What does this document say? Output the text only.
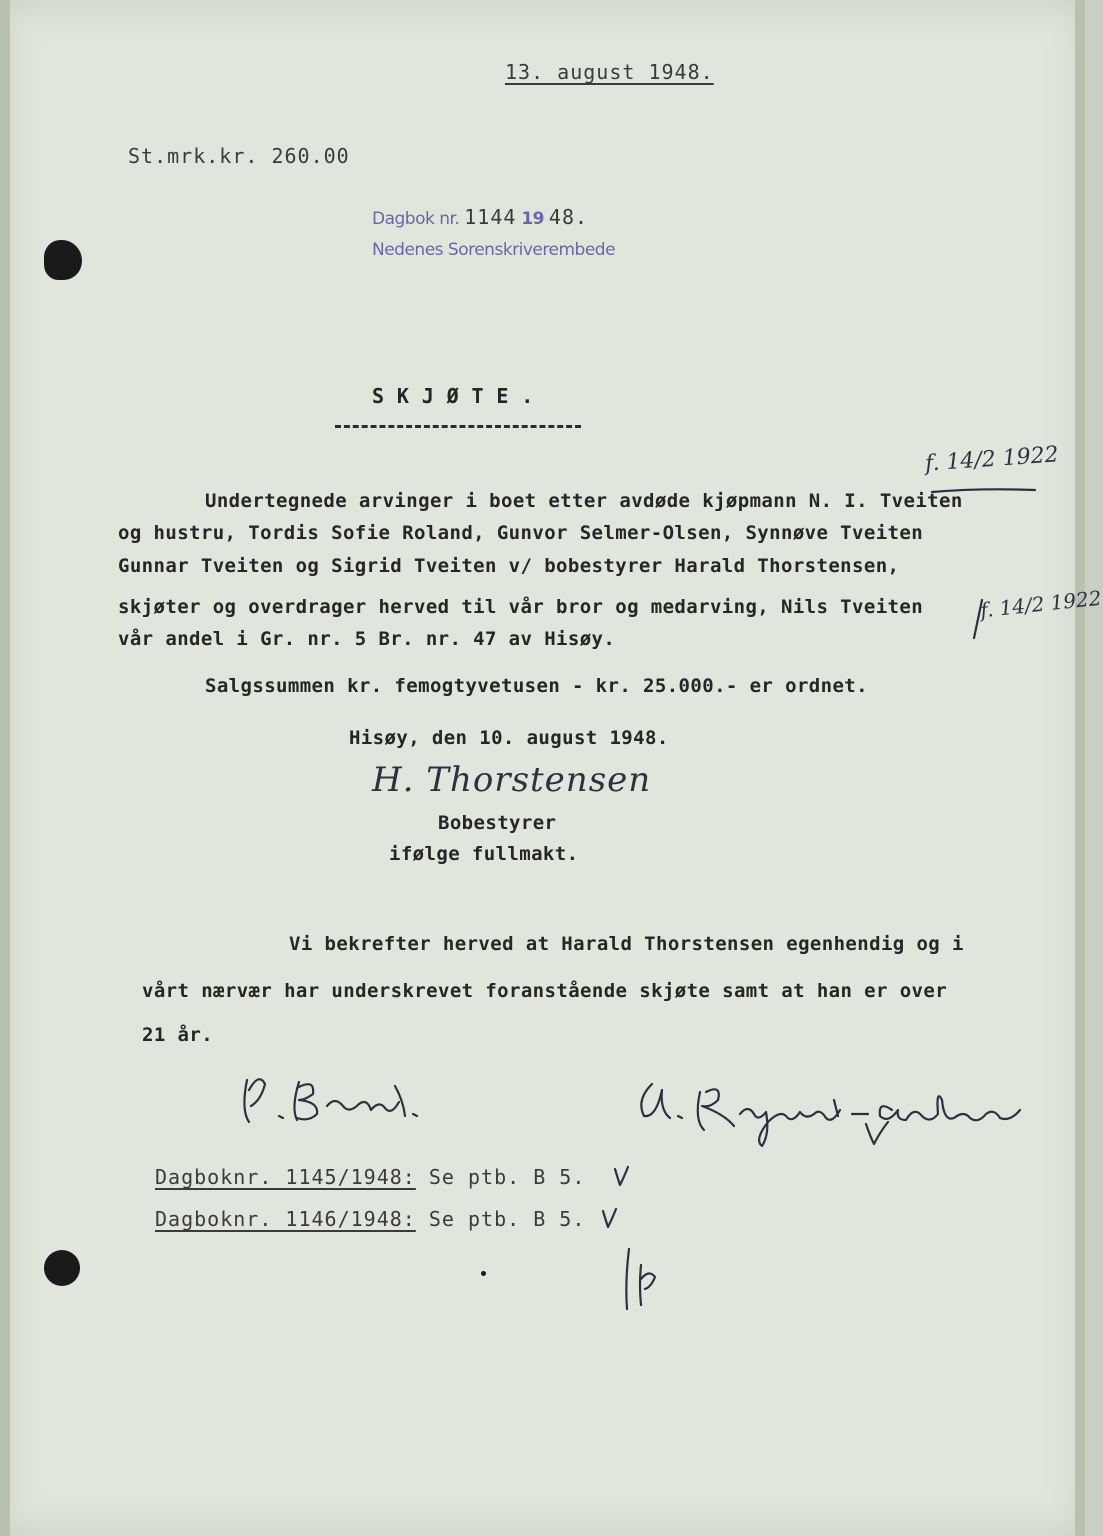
13. august 1948.
St.mrk.kr. 260.00
Dagbok nr. 1144 19 48.
Nedenes Sorenskriverembede
S K J Ø T E .
Undertegnede arvinger i boet etter avdøde kjøpmann N. I. Tveiten
og hustru, Tordis Sofie Roland, Gunvor Selmer-Olsen, Synnøve Tveiten
Gunnar Tveiten og Sigrid Tveiten v/ bobestyrer Harald Thorstensen,
skjøter og overdrager herved til vår bror og medarving, Nils Tveiten
vår andel i Gr. nr. 5 Br. nr. 47 av Hisøy.
Salgssummen kr. femogtyvetusen - kr. 25.000.- er ordnet.
Hisøy, den 10. august 1948.
f. 14/2 1922
f. 14/2 1922
H. Thorstensen
Bobestyrer
ifølge fullmakt.
Vi bekrefter herved at Harald Thorstensen egenhendig og i
vårt nærvær har underskrevet foranstående skjøte samt at han er over
21 år.
Dagboknr. 1145/1948: Se ptb. B 5.
Dagboknr. 1146/1948: Se ptb. B 5.
